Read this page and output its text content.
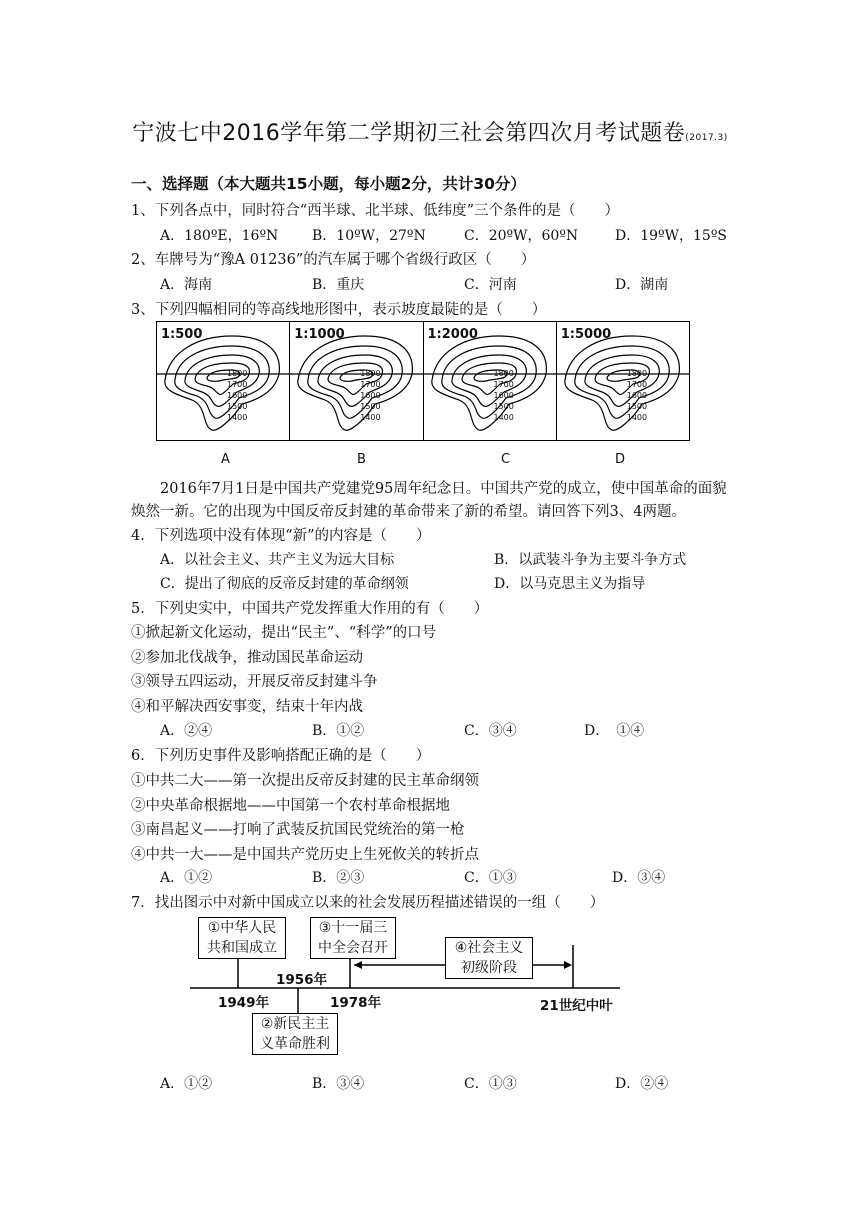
宁波七中2016学年第二学期初三社会第四次月考试题卷(2017.3)
一、选择题（本大题共15小题，每小题2分，共计30分）
1、下列各点中，同时符合“西半球、北半球、低纬度”三个条件的是（　　）
A．180ºE，16ºN B．10ºW，27ºN	C．20ºW，60ºN	D．19ºW，15ºS
2、车牌号为“豫A 01236”的汽车属于哪个省级行政区（　　）
A．海南	B．重庆	C．河南	D．湖南
3、下列四幅相同的等高线地形图中，表示坡度最陡的是（　　）
1:500
1800
1700
1600
1500
1400
1:1000
1800
1700
1600
1500
1400
1:2000
1800
1700
1600
1500
1400
1:5000
1800
1700
1600
1500
1400
A	B	C	D
2016年7月1日是中国共产党建党95周年纪念日。中国共产党的成立，使中国革命的面貌
焕然一新。它的出现为中国反帝反封建的革命带来了新的希望。请回答下列3、4两题。
4．下列选项中没有体现“新”的内容是（　　）
A．以社会主义、共产主义为远大目标	B．以武装斗争为主要斗争方式
C．提出了彻底的反帝反封建的革命纲领	D．以马克思主义为指导
5．下列史实中，中国共产党发挥重大作用的有（　　）
①掀起新文化运动，提出“民主”、“科学”的口号
②参加北伐战争，推动国民革命运动
③领导五四运动，开展反帝反封建斗争
④和平解决西安事变，结束十年内战
A．②④	B．①②	C．③④	D．　①④
6．下列历史事件及影响搭配正确的是（　　）
①中共二大——第一次提出反帝反封建的民主革命纲领
②中央革命根据地——中国第一个农村革命根据地
③南昌起义——打响了武装反抗国民党统治的第一枪
④中共一大——是中国共产党历史上生死攸关的转折点
A．①②	B．②③	C．①③	D．③④
7．找出图示中对新中国成立以来的社会发展历程描述错误的一组（　　）
①中华人民
共和国成立
③十一届三
中全会召开	④社会主义
初级阶段
②新民主主
义革命胜利
1956年
1949年	1978年	21世纪中叶
A．①②	B．③④	C．①③	D．②④
